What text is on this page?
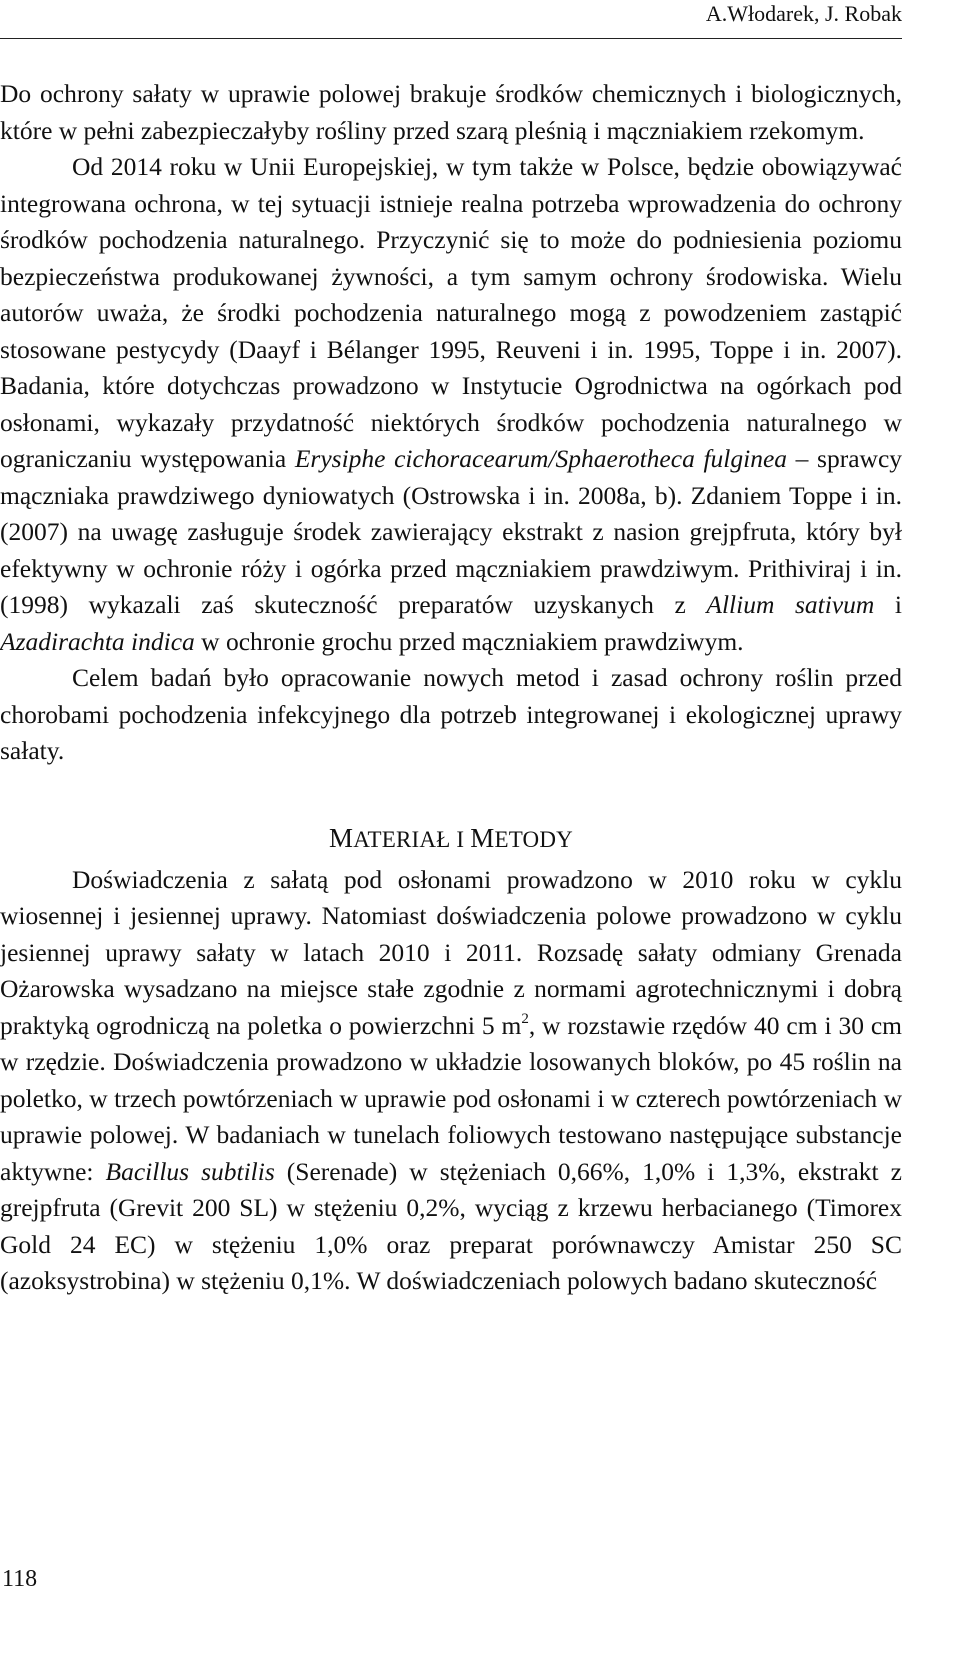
A.Włodarek, J. Robak

Do ochrony sałaty w uprawie polowej brakuje środków chemicznych i biologicznych, które w pełni zabezpieczałyby rośliny przed szarą pleśnią i mączniakiem rzekomym.

Od 2014 roku w Unii Europejskiej, w tym także w Polsce, będzie obowiązywać integrowana ochrona, w tej sytuacji istnieje realna potrzeba wprowadzenia do ochrony środków pochodzenia naturalnego. Przyczynić się to może do podniesienia poziomu bezpieczeństwa produkowanej żywności, a tym samym ochrony środowiska. Wielu autorów uważa, że środki pochodzenia naturalnego mogą z powodzeniem zastąpić stosowane pestycydy (Daayf i Bélanger 1995, Reuveni i in. 1995, Toppe i in. 2007). Badania, które dotychczas prowadzono w Instytucie Ogrodnictwa na ogórkach pod osłonami, wykazały przydatność niektórych środków pochodzenia naturalnego w ograniczaniu występowania Erysiphe cichoracearum/Sphaerotheca fulginea – sprawcy mączniaka prawdziwego dyniowatych (Ostrowska i in. 2008a, b). Zdaniem Toppe i in. (2007) na uwagę zasługuje środek zawierający ekstrakt z nasion grejpfruta, który był efektywny w ochronie róży i ogórka przed mączniakiem prawdziwym. Prithiviraj i in. (1998) wykazali zaś skuteczność preparatów uzyskanych z Allium sativum i Azadirachta indica w ochronie grochu przed mączniakiem prawdziwym.

Celem badań było opracowanie nowych metod i zasad ochrony roślin przed chorobami pochodzenia infekcyjnego dla potrzeb integrowanej i ekologicznej uprawy sałaty.

MATERIAŁ I METODY

Doświadczenia z sałatą pod osłonami prowadzono w 2010 roku w cyklu wiosennej i jesiennej uprawy. Natomiast doświadczenia polowe prowadzono w cyklu jesiennej uprawy sałaty w latach 2010 i 2011. Rozsadę sałaty odmiany Grenada Ożarowska wysadzano na miejsce stałe zgodnie z normami agrotechnicznymi i dobrą praktyką ogrodniczą na poletka o powierzchni 5 $m^2$, w rozstawie rzędów 40 cm i 30 cm w rzędzie. Doświadczenia prowadzono w układzie losowanych bloków, po 45 roślin na poletko, w trzech powtórzeniach w uprawie pod osłonami i w czterech powtórzeniach w uprawie polowej. W badaniach w tunelach foliowych testowano następujące substancje aktywne: Bacillus subtilis (Serenade) w stężeniach 0,66%, 1,0% i 1,3%, ekstrakt z grejpfruta (Grevit 200 SL) w stężeniu 0,2%, wyciąg z krzewu herbacianego (Timorex Gold 24 EC) w stężeniu 1,0% oraz preparat porównawczy Amistar 250 SC (azoksystrobina) w stężeniu 0,1%. W doświadczeniach polowych badano skuteczność

118
